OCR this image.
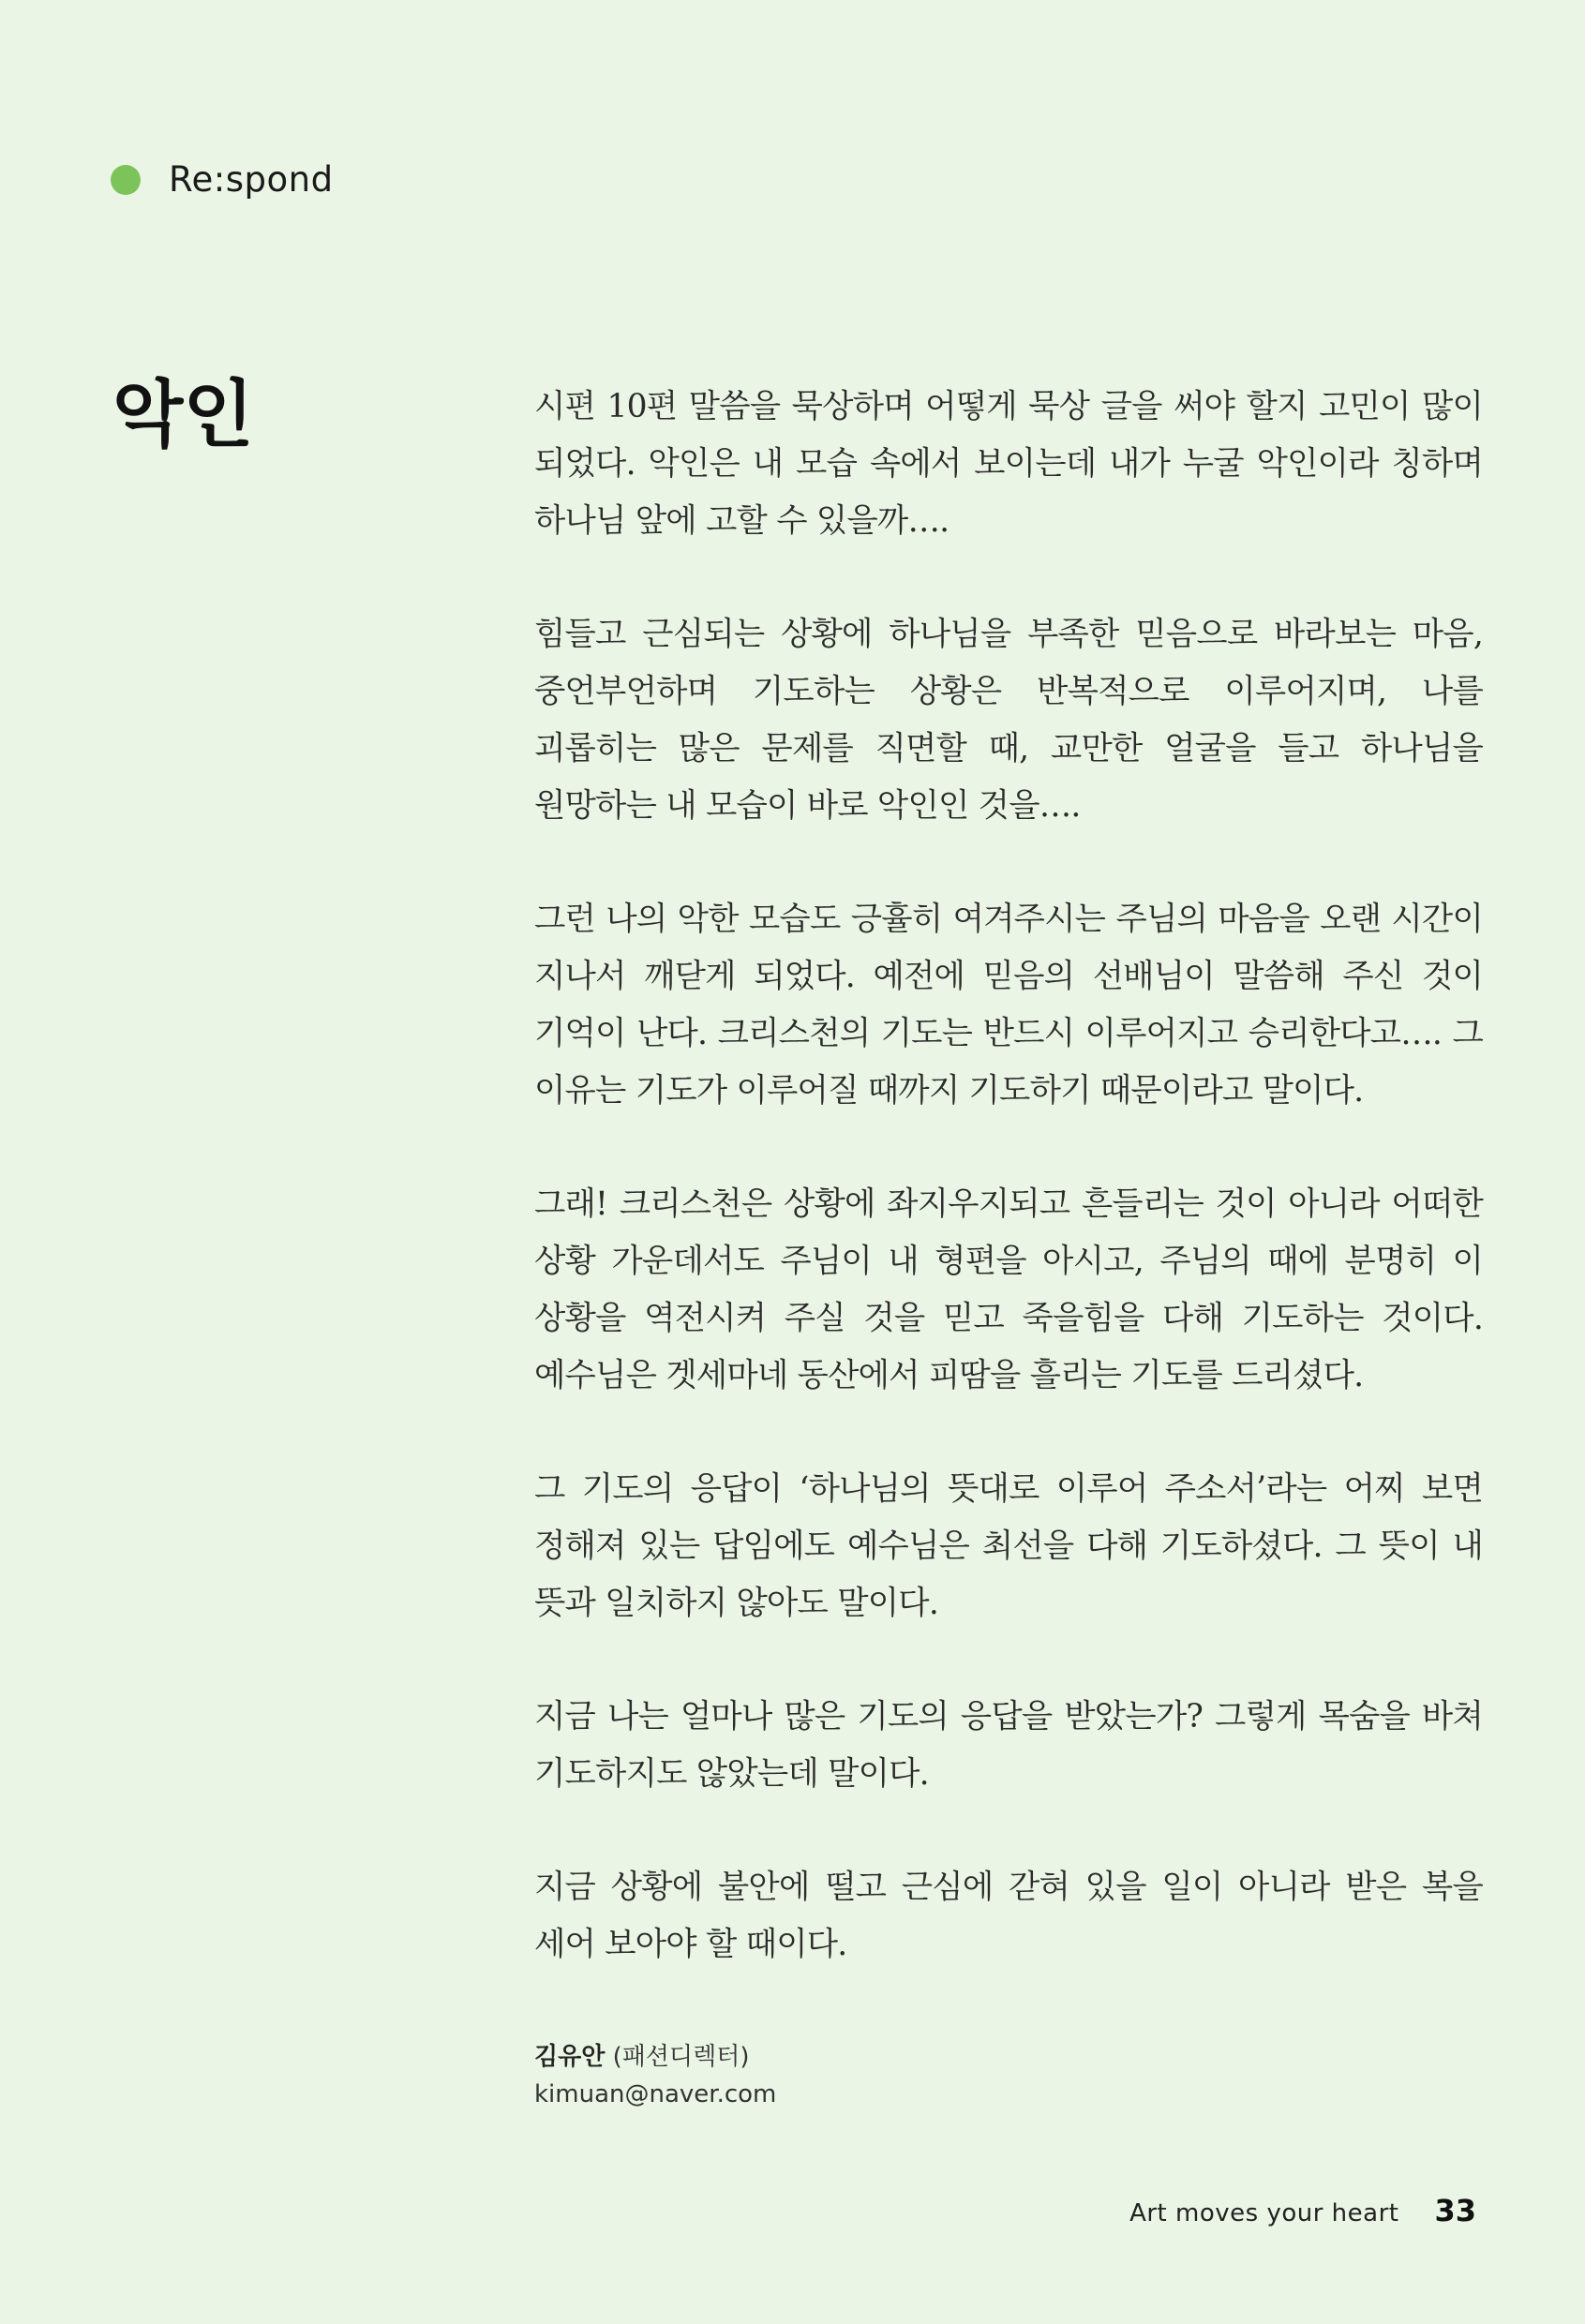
Re:spond
악인	시편 10편 말씀을 묵상하며 어떻게 묵상 글을 써야 할지 고민이 많이 되었다. 악인은 내 모습 속에서 보이는데 내가 누굴 악인이라 칭하며 하나님 앞에 고할 수 있을까….

힘들고 근심되는 상황에 하나님을 부족한 믿음으로 바라보는 마음, 중언부언하며 기도하는 상황은 반복적으로 이루어지며, 나를 괴롭히는 많은 문제를 직면할 때, 교만한 얼굴을 들고 하나님을 원망하는 내 모습이 바로 악인인 것을….

그런 나의 악한 모습도 긍휼히 여겨주시는 주님의 마음을 오랜 시간이 지나서 깨닫게 되었다. 예전에 믿음의 선배님이 말씀해 주신 것이 기억이 난다. 크리스천의 기도는 반드시 이루어지고 승리한다고…. 그 이유는 기도가 이루어질 때까지 기도하기 때문이라고 말이다.

그래! 크리스천은 상황에 좌지우지되고 흔들리는 것이 아니라 어떠한 상황 가운데서도 주님이 내 형편을 아시고, 주님의 때에 분명히 이 상황을 역전시켜 주실 것을 믿고 죽을힘을 다해 기도하는 것이다. 예수님은 겟세마네 동산에서 피땀을 흘리는 기도를 드리셨다.

그 기도의 응답이 ‘하나님의 뜻대로 이루어 주소서’라는 어찌 보면 정해져 있는 답임에도 예수님은 최선을 다해 기도하셨다. 그 뜻이 내 뜻과 일치하지 않아도 말이다.

지금 나는 얼마나 많은 기도의 응답을 받았는가? 그렇게 목숨을 바쳐 기도하지도 않았는데 말이다.

지금 상황에 불안에 떨고 근심에 갇혀 있을 일이 아니라 받은 복을 세어 보아야 할 때이다.

김유안 (패션디렉터)
kimuan@naver.com
Art moves your heart 33
